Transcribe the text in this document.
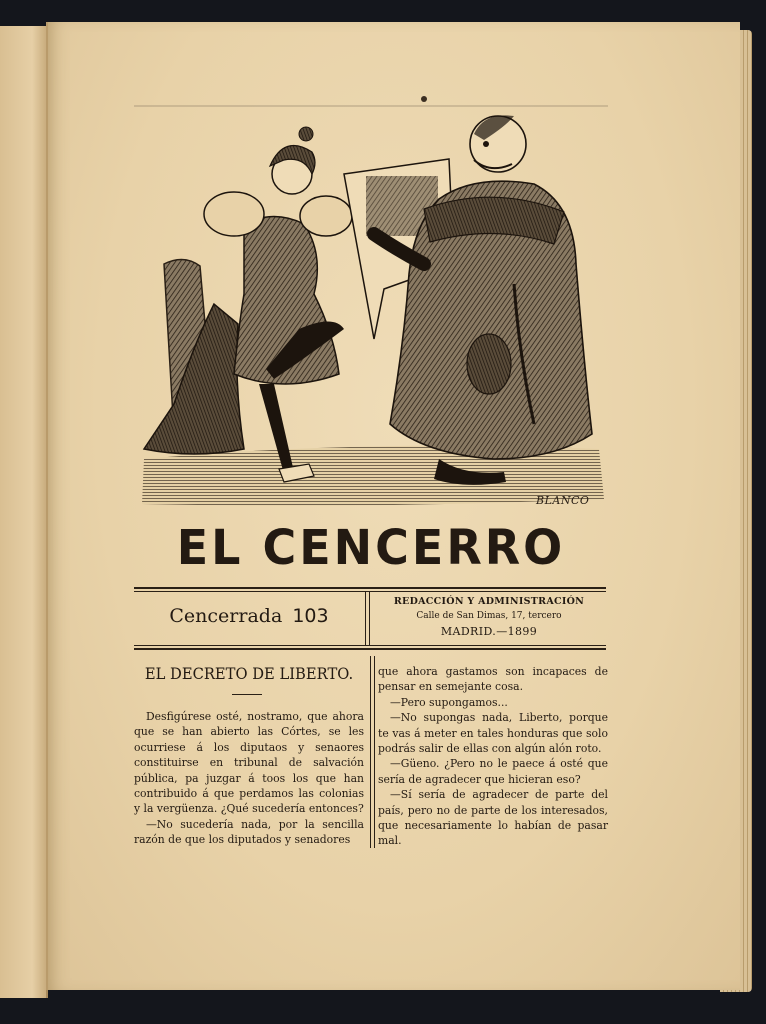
BLANCO
EL CENCERRO
Cencerrada 103
REDACCIÓN Y ADMINISTRACIÓN
Calle de San Dimas, 17, tercero
MADRID.—1899
EL DECRETO DE LIBERTO.

Desfigúrese osté, nostramo, que ahora que se han abierto las Córtes, se les ocurriese á los diputaos y senaores constituirse en tribunal de salvación pública, pa juzgar á toos los que han contribuido á que perdamos las colonias y la vergüenza. ¿Qué sucedería entonces?

—No sucedería nada, por la sencilla razón de que los diputados y senadores

que ahora gastamos son incapaces de pensar en semejante cosa.

—Pero supongamos...

—No supongas nada, Liberto, porque te vas á meter en tales honduras que solo podrás salir de ellas con algún alón roto.

—Güeno. ¿Pero no le paece á osté que sería de agradecer que hicieran eso?

—Sí sería de agradecer de parte del país, pero no de parte de los interesados, que necesariamente lo habían de pasar mal.
